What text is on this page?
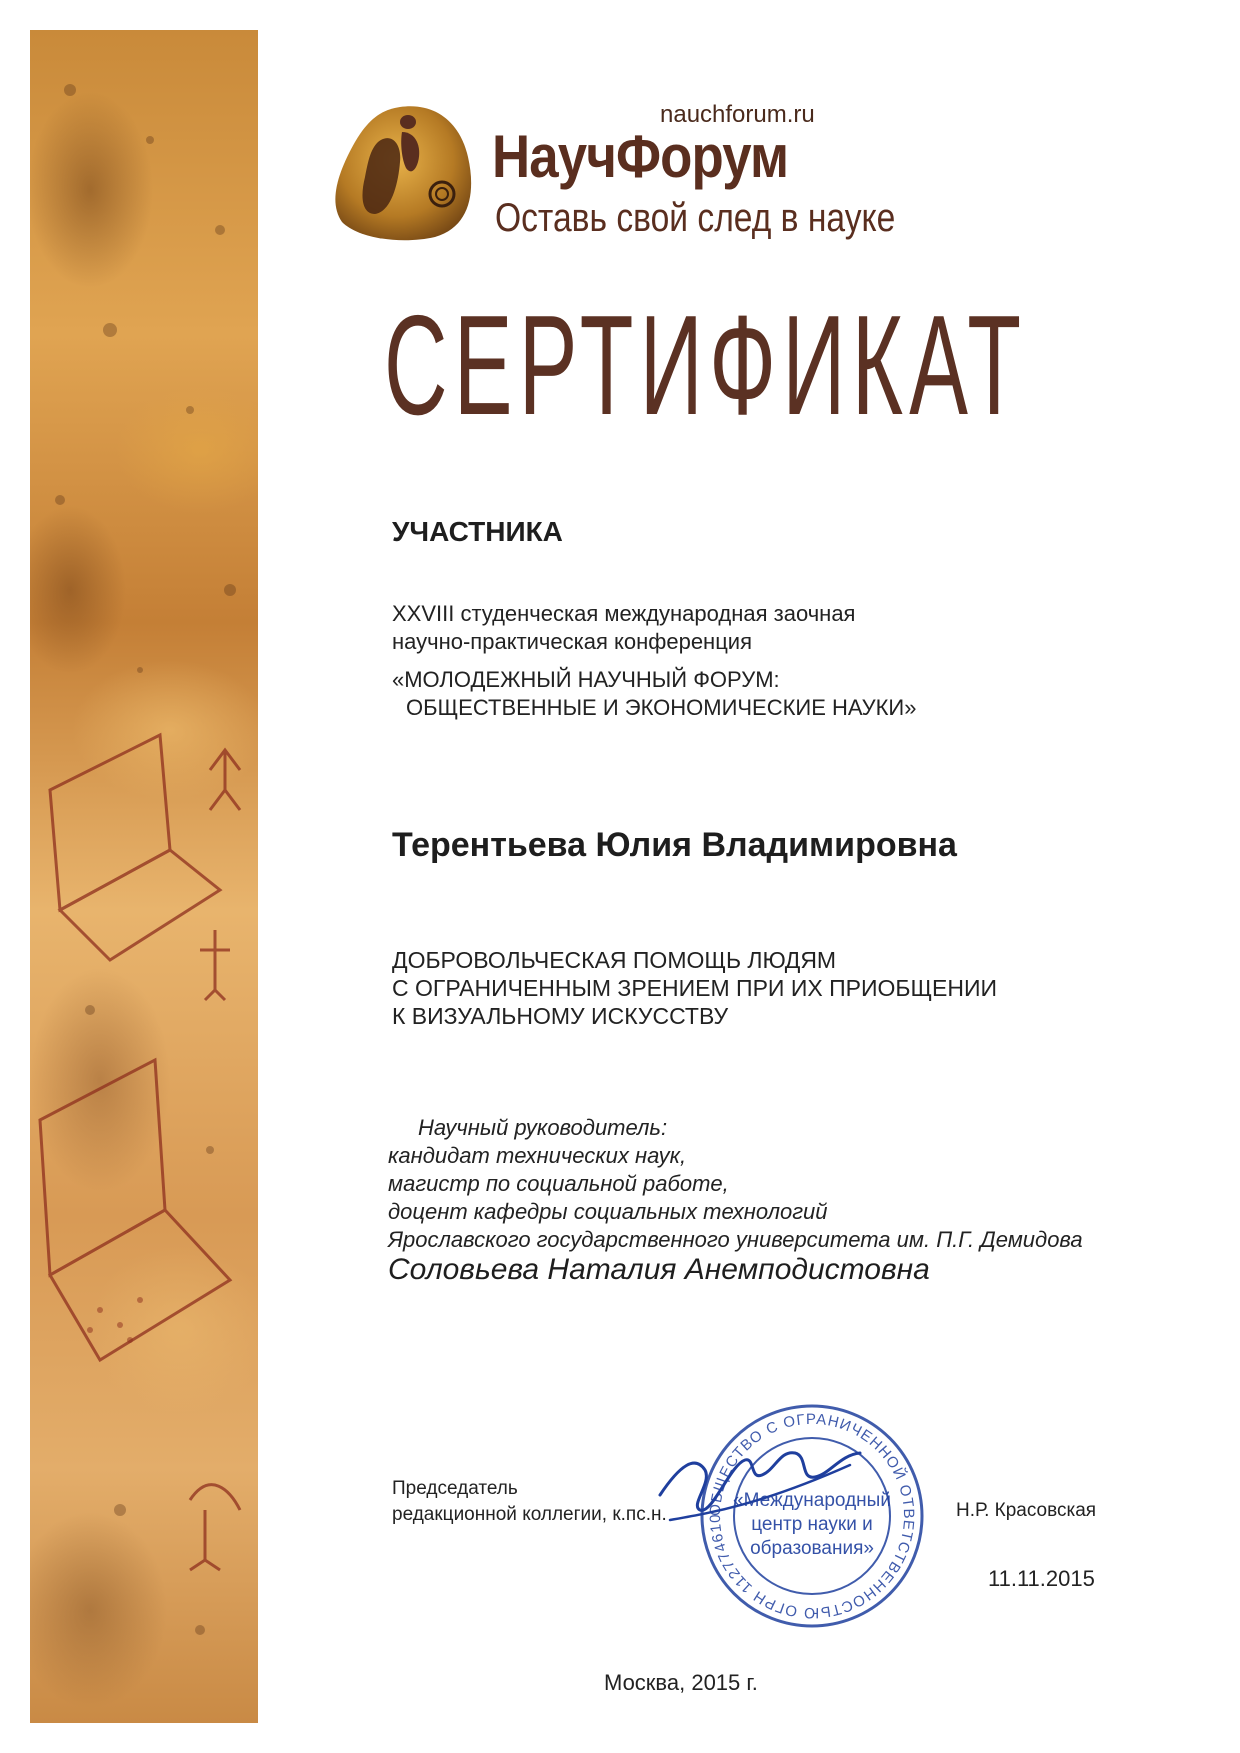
nauchforum.ru
НаучФорум
Оставь свой след в науке
СЕРТИФИКАТ
УЧАСТНИКА
XXVIII студенческая международная заочная
научно-практическая конференция
«МОЛОДЕЖНЫЙ НАУЧНЫЙ ФОРУМ:
ОБЩЕСТВЕННЫЕ И ЭКОНОМИЧЕСКИЕ НАУКИ»
Терентьева Юлия Владимировна
ДОБРОВОЛЬЧЕСКАЯ ПОМОЩЬ ЛЮДЯМ
С ОГРАНИЧЕННЫМ ЗРЕНИЕМ ПРИ ИХ ПРИОБЩЕНИИ
К ВИЗУАЛЬНОМУ ИСКУССТВУ
Научный руководитель:
кандидат технических наук,
магистр по социальной работе,
доцент кафедры социальных технологий
Ярославского государственного университета им. П.Г. Демидова
Соловьева Наталия Анемподистовна
Председатель
редакционной коллегии, к.пс.н.	Н.Р. Красовская
ОБЩЕСТВО С ОГРАНИЧЕННОЙ ОТВЕТСТВЕННОСТЬЮ ОГРН 112774610
«Международный
центр науки и
образования»
11.11.2015
Москва, 2015 г.
